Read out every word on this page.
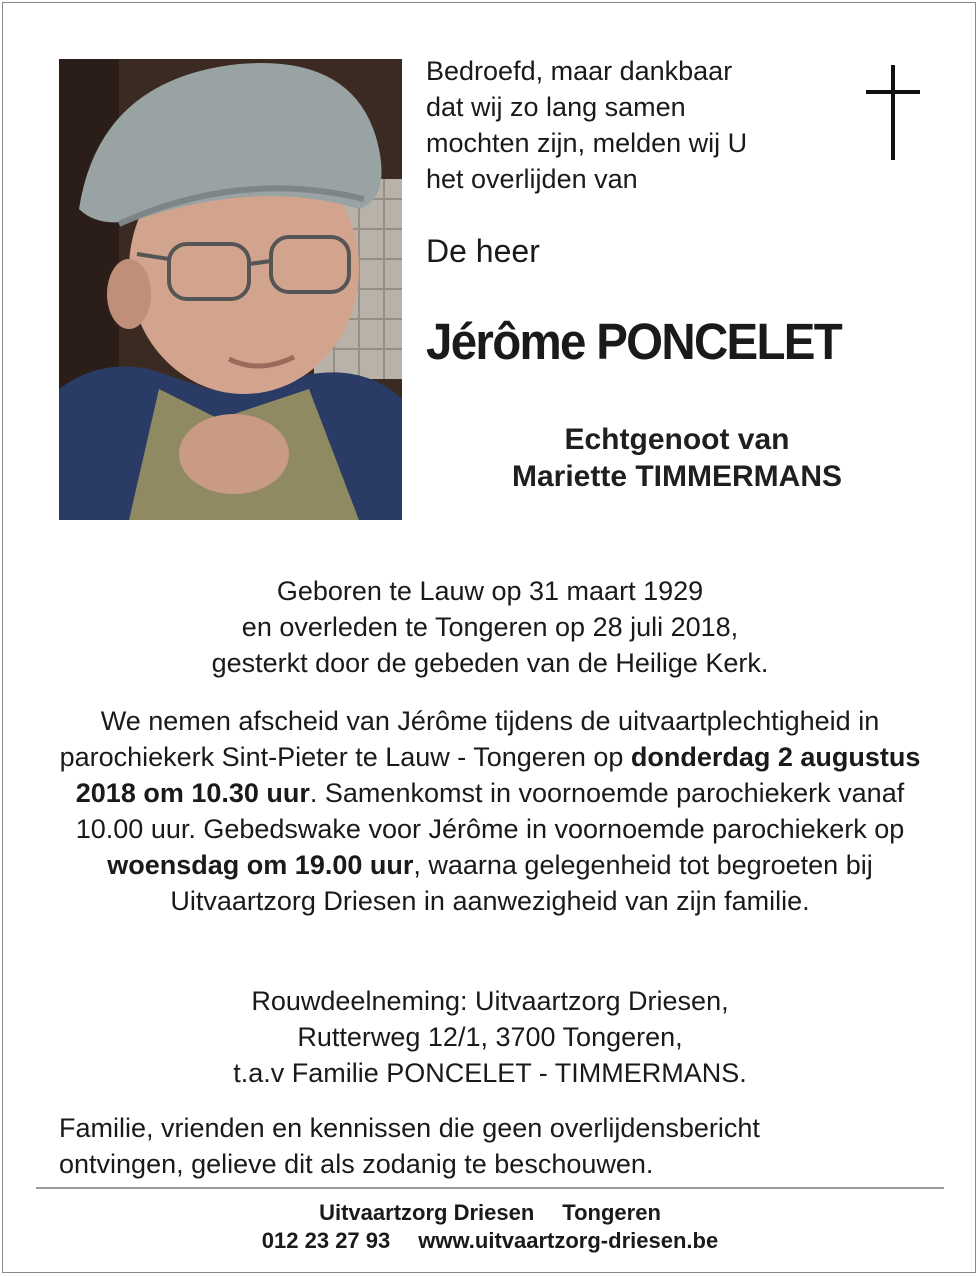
Bedroefd, maar dankbaar
dat wij zo lang samen
mochten zijn, melden wij U
het overlijden van

De heer

Jérôme PONCELET

Echtgenoot van
Mariette TIMMERMANS

Geboren te Lauw op 31 maart 1929
en overleden te Tongeren op 28 juli 2018,
gesterkt door de gebeden van de Heilige Kerk.

We nemen afscheid van Jérôme tijdens de uitvaartplechtigheid in parochiekerk Sint-Pieter te Lauw - Tongeren op donderdag 2 augustus 2018 om 10.30 uur. Samenkomst in voornoemde parochiekerk vanaf 10.00 uur. Gebedswake voor Jérôme in voornoemde parochiekerk op woensdag om 19.00 uur, waarna gelegenheid tot begroeten bij Uitvaartzorg Driesen in aanwezigheid van zijn familie.

Rouwdeelneming: Uitvaartzorg Driesen,
Rutterweg 12/1, 3700 Tongeren,
t.a.v Familie PONCELET - TIMMERMANS.

Familie, vrienden en kennissen die geen overlijdensbericht
ontvingen, gelieve dit als zodanig te beschouwen.

Uitvaartzorg Driesen Tongeren
012 23 27 93 www.uitvaartzorg-driesen.be
